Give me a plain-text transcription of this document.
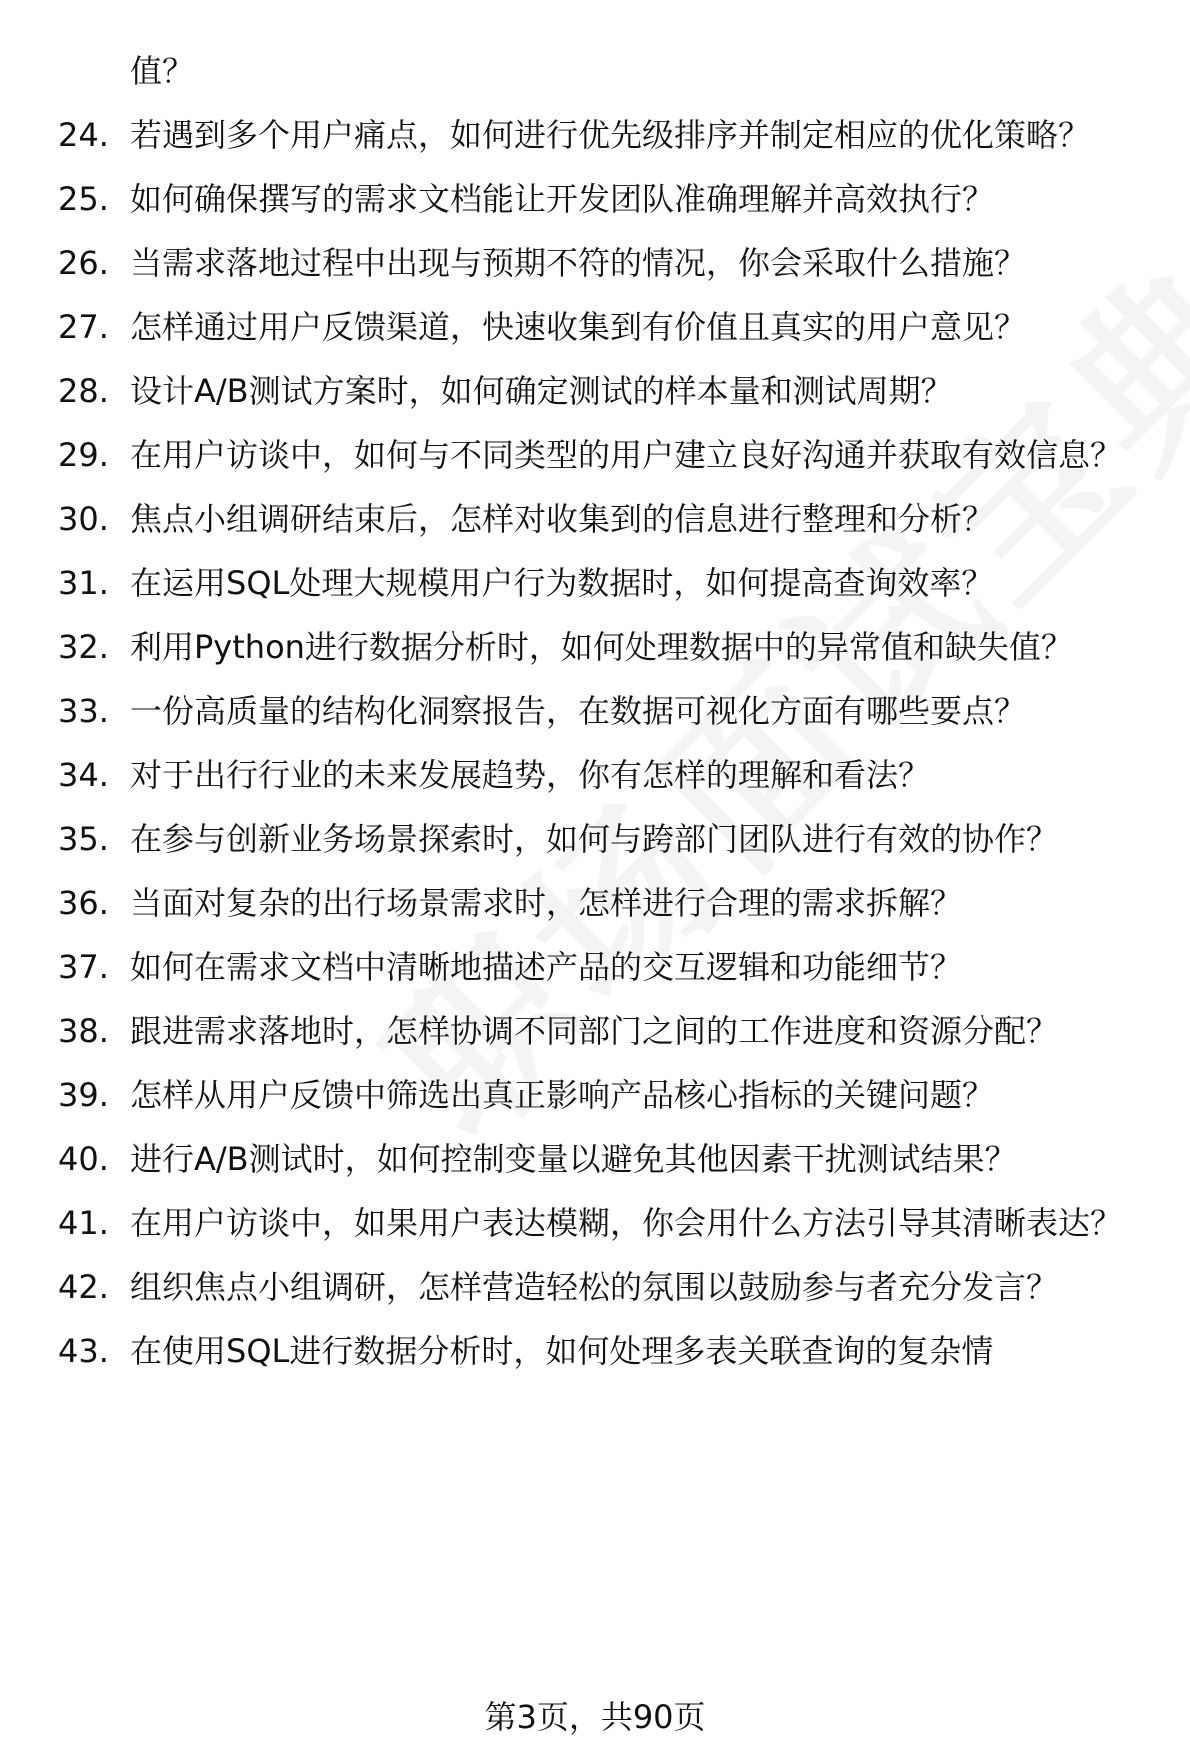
值？
24. 若遇到多个用户痛点，如何进行优先级排序并制定相应的优化策略？
25. 如何确保撰写的需求文档能让开发团队准确理解并高效执行？
26. 当需求落地过程中出现与预期不符的情况，你会采取什么措施？
27. 怎样通过用户反馈渠道，快速收集到有价值且真实的用户意见？
28. 设计A/B测试方案时，如何确定测试的样本量和测试周期？
29. 在用户访谈中，如何与不同类型的用户建立良好沟通并获取有效信息？
30. 焦点小组调研结束后，怎样对收集到的信息进行整理和分析？
31. 在运用SQL处理大规模用户行为数据时，如何提高查询效率？
32. 利用Python进行数据分析时，如何处理数据中的异常值和缺失值？
33. 一份高质量的结构化洞察报告，在数据可视化方面有哪些要点？
34. 对于出行行业的未来发展趋势，你有怎样的理解和看法？
35. 在参与创新业务场景探索时，如何与跨部门团队进行有效的协作？
36. 当面对复杂的出行场景需求时，怎样进行合理的需求拆解？
37. 如何在需求文档中清晰地描述产品的交互逻辑和功能细节？
38. 跟进需求落地时，怎样协调不同部门之间的工作进度和资源分配？
39. 怎样从用户反馈中筛选出真正影响产品核心指标的关键问题？
40. 进行A/B测试时，如何控制变量以避免其他因素干扰测试结果？
41. 在用户访谈中，如果用户表达模糊，你会用什么方法引导其清晰表达？
42. 组织焦点小组调研，怎样营造轻松的氛围以鼓励参与者充分发言？
43. 在使用SQL进行数据分析时，如何处理多表关联查询的复杂情
第3页，共90页
